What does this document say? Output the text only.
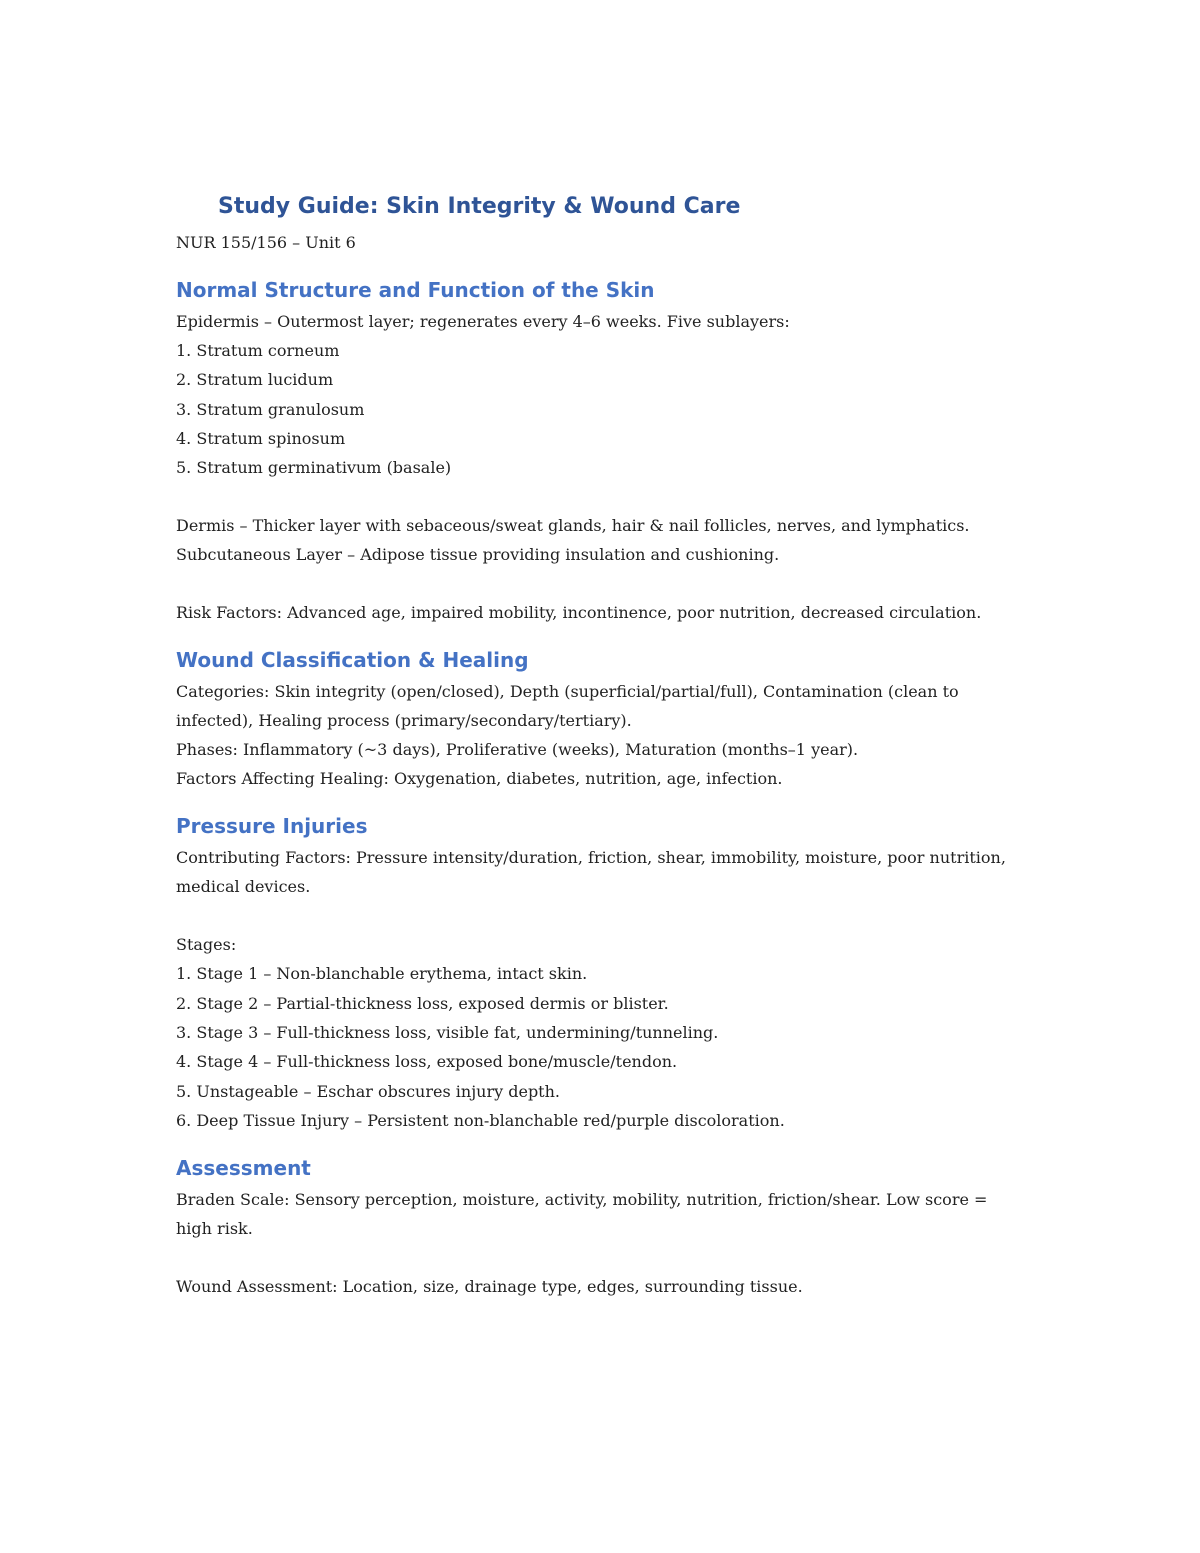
Study Guide: Skin Integrity & Wound Care

NUR 155/156 – Unit 6

Normal Structure and Function of the Skin

Epidermis – Outermost layer; regenerates every 4–6 weeks. Five sublayers:

1. Stratum corneum
2. Stratum lucidum
3. Stratum granulosum
4. Stratum spinosum
5. Stratum germinativum (basale)

Dermis – Thicker layer with sebaceous/sweat glands, hair & nail follicles, nerves, and lymphatics.

Subcutaneous Layer – Adipose tissue providing insulation and cushioning.

Risk Factors: Advanced age, impaired mobility, incontinence, poor nutrition, decreased circulation.

Wound Classification & Healing

Categories: Skin integrity (open/closed), Depth (superficial/partial/full), Contamination (clean to infected), Healing process (primary/secondary/tertiary).

Phases: Inflammatory (~3 days), Proliferative (weeks), Maturation (months–1 year).

Factors Affecting Healing: Oxygenation, diabetes, nutrition, age, infection.

Pressure Injuries

Contributing Factors: Pressure intensity/duration, friction, shear, immobility, moisture, poor nutrition, medical devices.

Stages:

1. Stage 1 – Non-blanchable erythema, intact skin.
2. Stage 2 – Partial-thickness loss, exposed dermis or blister.
3. Stage 3 – Full-thickness loss, visible fat, undermining/tunneling.
4. Stage 4 – Full-thickness loss, exposed bone/muscle/tendon.
5. Unstageable – Eschar obscures injury depth.
6. Deep Tissue Injury – Persistent non-blanchable red/purple discoloration.
Assessment

Braden Scale: Sensory perception, moisture, activity, mobility, nutrition, friction/shear. Low score = high risk.

Wound Assessment: Location, size, drainage type, edges, surrounding tissue.
